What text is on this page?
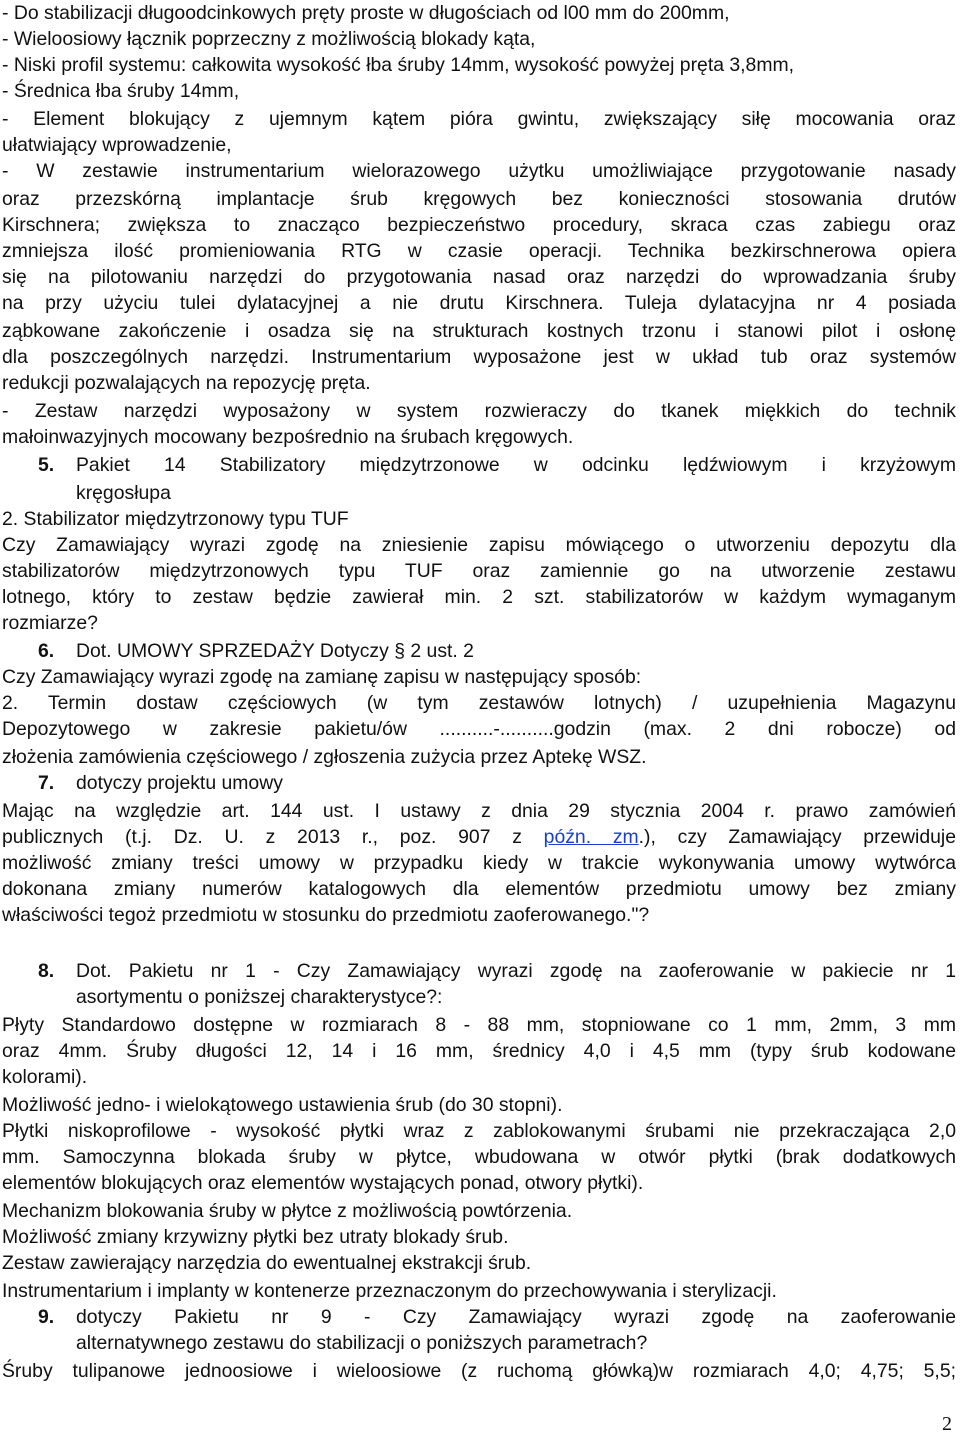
- Do stabilizacji długoodcinkowych pręty proste w długościach od l00 mm do 200mm,
- Wieloosiowy łącznik poprzeczny z możliwością blokady kąta,
- Niski profil systemu: całkowita wysokość łba śruby 14mm, wysokość powyżej pręta 3,8mm,
- Średnica łba śruby 14mm,
- Element blokujący z ujemnym kątem pióra gwintu, zwiększający siłę mocowania oraz
ułatwiający wprowadzenie,
- W zestawie instrumentarium wielorazowego użytku umożliwiające przygotowanie nasady
oraz przezskórną implantacje śrub kręgowych bez konieczności stosowania drutów
Kirschnera; zwiększa to znacząco bezpieczeństwo procedury, skraca czas zabiegu oraz
zmniejsza ilość promieniowania RTG w czasie operacji. Technika bezkirschnerowa opiera
się na pilotowaniu narzędzi do przygotowania nasad oraz narzędzi do wprowadzania śruby
na przy użyciu tulei dylatacyjnej a nie drutu Kirschnera. Tuleja dylatacyjna nr 4 posiada
ząbkowane zakończenie i osadza się na strukturach kostnych trzonu i stanowi pilot i osłonę
dla poszczególnych narzędzi. Instrumentarium wyposażone jest w układ tub oraz systemów
redukcji pozwalających na repozycję pręta.
- Zestaw narzędzi wyposażony w system rozwieraczy do tkanek miękkich do technik
małoinwazyjnych mocowany bezpośrednio na śrubach kręgowych.
5. Pakiet 14 Stabilizatory międzytrzonowe w odcinku lędźwiowym i krzyżowym
kręgosłupa
2. Stabilizator międzytrzonowy typu TUF
Czy Zamawiający wyrazi zgodę na zniesienie zapisu mówiącego o utworzeniu depozytu dla
stabilizatorów międzytrzonowych typu TUF oraz zamiennie go na utworzenie zestawu
lotnego, który to zestaw będzie zawierał min. 2 szt. stabilizatorów w każdym wymaganym
rozmiarze?
6. Dot. UMOWY SPRZEDAŻY Dotyczy § 2 ust. 2
Czy Zamawiający wyrazi zgodę na zamianę zapisu w następujący sposób:
2. Termin dostaw częściowych (w tym zestawów lotnych) / uzupełnienia Magazynu
Depozytowego w zakresie pakietu/ów ..........-..........godzin (max. 2 dni robocze) od
złożenia zamówienia częściowego / zgłoszenia zużycia przez Aptekę WSZ.
7. dotyczy projektu umowy
Mając na względzie art. 144 ust. I ustawy z dnia 29 stycznia 2004 r. prawo zamówień
publicznych (t.j. Dz. U. z 2013 r., poz. 907 z późn. zm.), czy Zamawiający przewiduje
możliwość zmiany treści umowy w przypadku kiedy w trakcie wykonywania umowy wytwórca
dokonana zmiany numerów katalogowych dla elementów przedmiotu umowy bez zmiany
właściwości tegoż przedmiotu w stosunku do przedmiotu zaoferowanego."?
8. Dot. Pakietu nr 1 - Czy Zamawiający wyrazi zgodę na zaoferowanie w pakiecie nr 1
asortymentu o poniższej charakterystyce?:
Płyty Standardowo dostępne w rozmiarach 8 - 88 mm, stopniowane co 1 mm, 2mm, 3 mm
oraz 4mm. Śruby długości 12, 14 i 16 mm, średnicy 4,0 i 4,5 mm (typy śrub kodowane
kolorami).
Możliwość jedno- i wielokątowego ustawienia śrub (do 30 stopni).
Płytki niskoprofilowe - wysokość płytki wraz z zablokowanymi śrubami nie przekraczająca 2,0
mm. Samoczynna blokada śruby w płytce, wbudowana w otwór płytki (brak dodatkowych
elementów blokujących oraz elementów wystających ponad, otwory płytki).
Mechanizm blokowania śruby w płytce z możliwością powtórzenia.
Możliwość zmiany krzywizny płytki bez utraty blokady śrub.
Zestaw zawierający narzędzia do ewentualnej ekstrakcji śrub.
Instrumentarium i implanty w kontenerze przeznaczonym do przechowywania i sterylizacji.
9. dotyczy Pakietu nr 9 - Czy Zamawiający wyrazi zgodę na zaoferowanie
alternatywnego zestawu do stabilizacji o poniższych parametrach?
Śruby tulipanowe jednoosiowe i wieloosiowe (z ruchomą główką)w rozmiarach 4,0; 4,75; 5,5;
2
